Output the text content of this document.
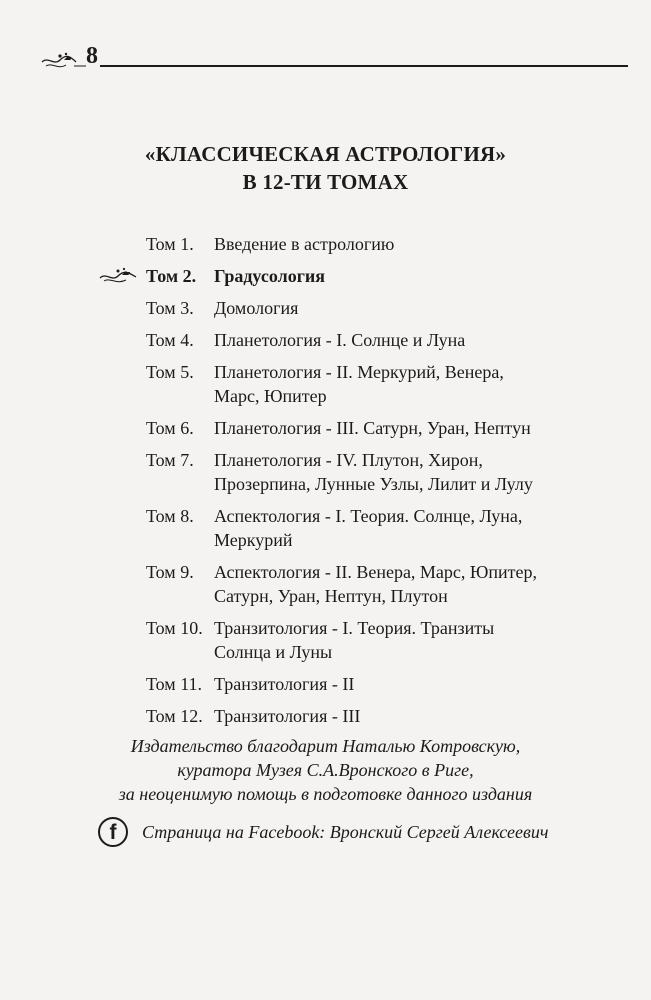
8
«КЛАССИЧЕСКАЯ АСТРОЛОГИЯ»
В 12-ТИ ТОМАХ
Том 1.	Введение в астрологию
Том 2. Градусология
Том 3.	Домология
Том 4.	Планетология - I. Солнце и Луна
Том 5.	Планетология - II. Меркурий, Венера,
Марс, Юпитер
Том 6.	Планетология - III. Сатурн, Уран, Нептун
Том 7.	Планетология - IV. Плутон, Хирон,
Прозерпина, Лунные Узлы, Лилит и Лулу
Том 8.	Аспектология - I. Теория. Солнце, Луна,
Меркурий
Том 9.	Аспектология - II. Венера, Марс, Юпитер,
Сатурн, Уран, Нептун, Плутон
Том 10. Транзитология - I. Теория. Транзиты
Солнца и Луны
Том 11. Транзитология - II
Том 12. Транзитология - III
Издательство благодарит Наталью Котровскую,
куратора Музея С.А.Вронского в Риге,
за неоценимую помощь в подготовке данного издания
f	Страница на Facebook: Вронский Сергей Алексеевич
